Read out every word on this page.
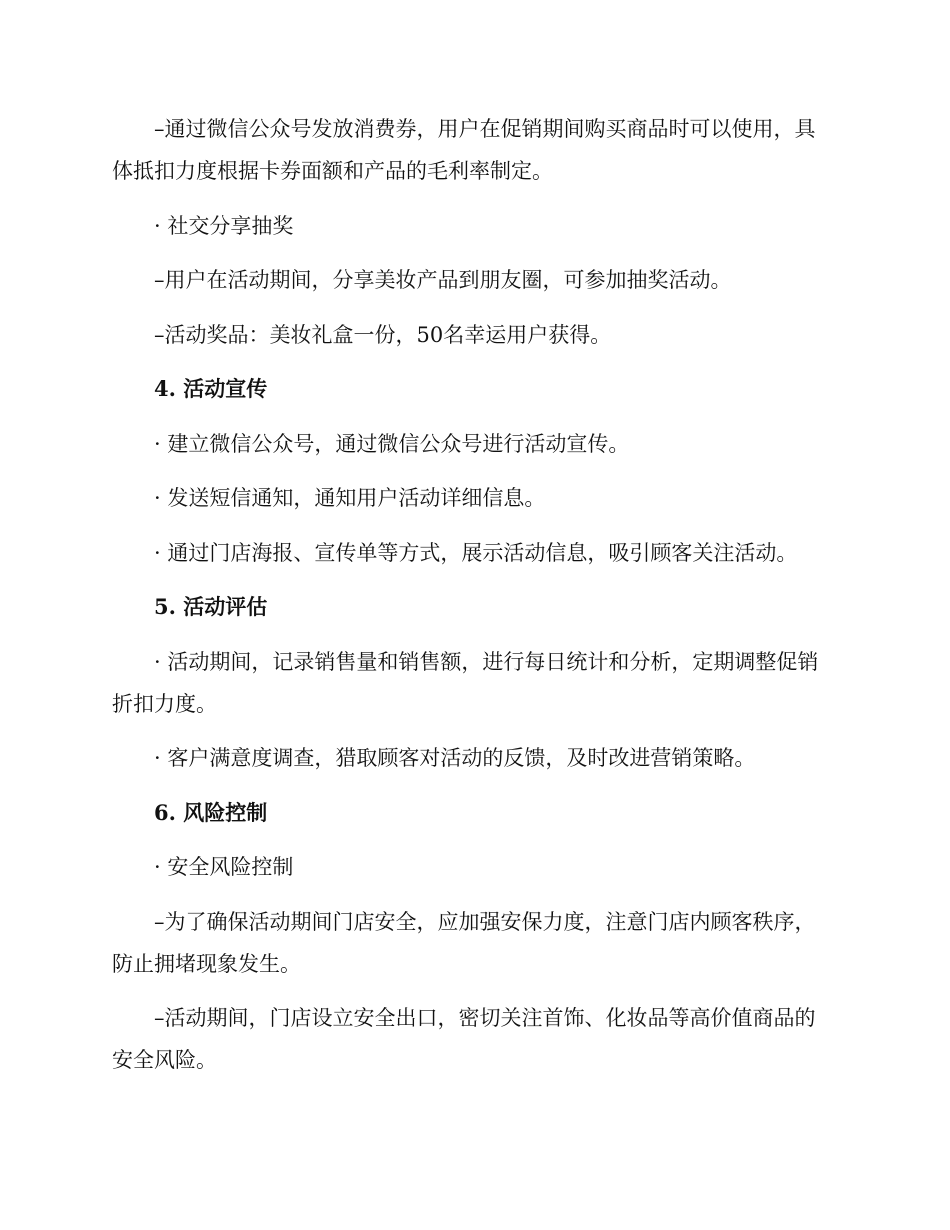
–通过微信公众号发放消费券，用户在促销期间购买商品时可以使用，具体抵扣力度根据卡券面额和产品的毛利率制定。

· 社交分享抽奖

–用户在活动期间，分享美妆产品到朋友圈，可参加抽奖活动。

–活动奖品：美妆礼盒一份，50名幸运用户获得。

4. 活动宣传

· 建立微信公众号，通过微信公众号进行活动宣传。

· 发送短信通知，通知用户活动详细信息。

· 通过门店海报、宣传单等方式，展示活动信息，吸引顾客关注活动。

5. 活动评估

· 活动期间，记录销售量和销售额，进行每日统计和分析，定期调整促销折扣力度。

· 客户满意度调查，猎取顾客对活动的反馈，及时改进营销策略。

6. 风险控制

· 安全风险控制

–为了确保活动期间门店安全，应加强安保力度，注意门店内顾客秩序，防止拥堵现象发生。

–活动期间，门店设立安全出口，密切关注首饰、化妆品等高价值商品的安全风险。
